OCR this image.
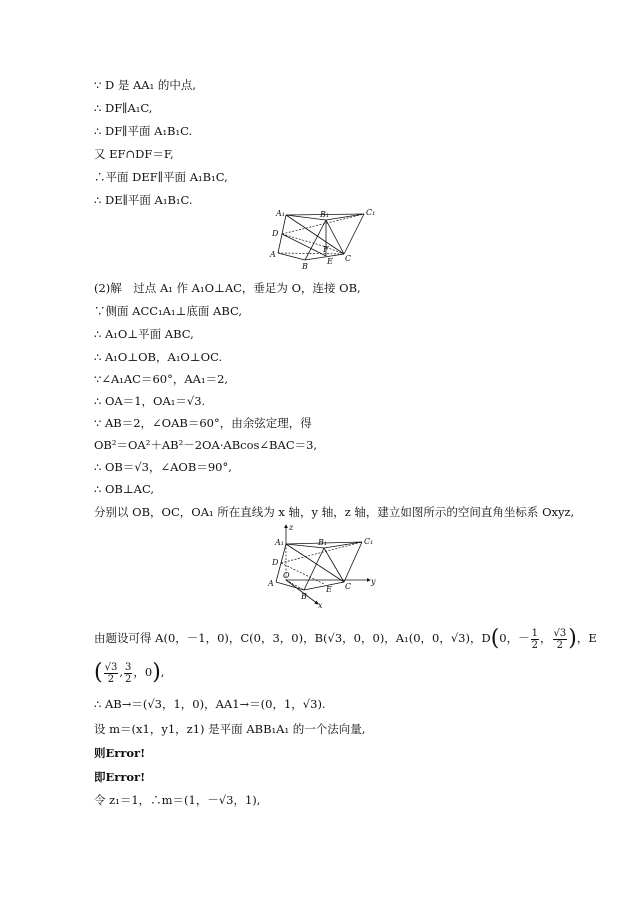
∵ D 是 AA₁ 的中点,
∴ DF∥A₁C,
∴ DF∥平面 A₁B₁C.
又 EF∩DF＝F,
∴平面 DEF∥平面 A₁B₁C,
∴ DE∥平面 A₁B₁C.
A₁	B₁	C₁
D
A
B
E C
F
(2)解　过点 A₁ 作 A₁O⊥AC，垂足为 O，连接 OB,
∵侧面 ACC₁A₁⊥底面 ABC,
∴ A₁O⊥平面 ABC,
∴ A₁O⊥OB，A₁O⊥OC.
∵∠A₁AC＝60°，AA₁＝2,
∴ OA＝1，OA₁＝√3.
∵ AB＝2，∠OAB＝60°，由余弦定理，得
OB²＝OA²＋AB²－2OA·ABcos∠BAC＝3,
∴ OB＝√3，∠AOB＝90°,
∴ OB⊥AC,
分别以 OB，OC，OA₁ 所在直线为 x 轴，y 轴，z 轴，建立如图所示的空间直角坐标系 Oxyz,
z
A₁	B₁	C₁
D
O
A
B
E C
x
y
由题设可得 A(0，－1，0)，C(0，3，0)，B(√3，0，0)，A₁(0，0，√3)，D(0，－ $\frac{1}{2}$ ， $\frac{√3}{2}$ )，E
( $\frac{√3}{2}$ , $\frac{3}{2}$ ，0),
∴ AB→＝(√3，1，0)，AA1→＝(0，1，√3).
设 m＝(x1，y1，z1) 是平面 ABB₁A₁ 的一个法向量,
则Error!
即Error!
令 z₁＝1，∴m＝(1，－√3，1),
